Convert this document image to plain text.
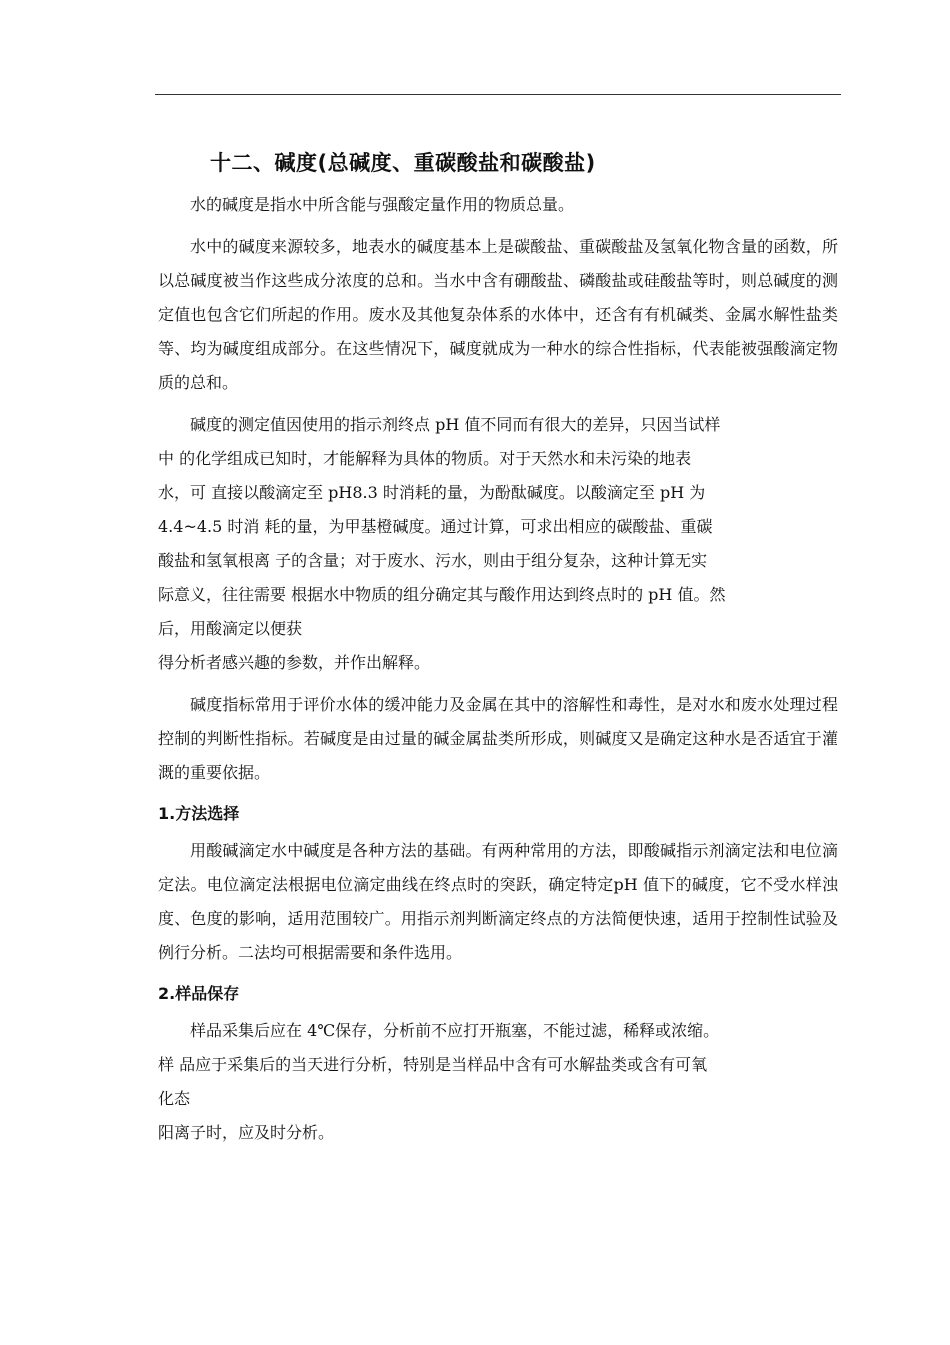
十二、碱度(总碱度、重碳酸盐和碳酸盐)

水的碱度是指水中所含能与强酸定量作用的物质总量。

水中的碱度来源较多，地表水的碱度基本上是碳酸盐、重碳酸盐及氢氧化物含量的函数，所以总碱度被当作这些成分浓度的总和。当水中含有硼酸盐、磷酸盐或硅酸盐等时，则总碱度的测定值也包含它们所起的作用。废水及其他复杂体系的水体中，还含有有机碱类、金属水解性盐类等、均为碱度组成部分。在这些情况下，碱度就成为一种水的综合性指标，代表能被强酸滴定物质的总和。

碱度的测定值因使用的指示剂终点 pH 值不同而有很大的差异，只因当试样
中 的化学组成已知时，才能解释为具体的物质。对于天然水和未污染的地表
水，可 直接以酸滴定至 pH8.3 时消耗的量，为酚酞碱度。以酸滴定至 pH 为
4.4~4.5 时消 耗的量，为甲基橙碱度。通过计算，可求出相应的碳酸盐、重碳
酸盐和氢氧根离 子的含量；对于废水、污水，则由于组分复杂，这种计算无实
际意义，往往需要 根据水中物质的组分确定其与酸作用达到终点时的 pH 值。然
后，用酸滴定以便获
得分析者感兴趣的参数，并作出解释。

碱度指标常用于评价水体的缓冲能力及金属在其中的溶解性和毒性，是对水和废水处理过程控制的判断性指标。若碱度是由过量的碱金属盐类所形成，则碱度又是确定这种水是否适宜于灌溉的重要依据。

1.方法选择

用酸碱滴定水中碱度是各种方法的基础。有两种常用的方法，即酸碱指示剂滴定法和电位滴定法。电位滴定法根据电位滴定曲线在终点时的突跃，确定特定pH 值下的碱度，它不受水样浊度、色度的影响，适用范围较广。用指示剂判断滴定终点的方法简便快速，适用于控制性试验及例行分析。二法均可根据需要和条件选用。

2.样品保存
样品采集后应在 4℃保存，分析前不应打开瓶塞，不能过滤，稀释或浓缩。
样 品应于采集后的当天进行分析，特别是当样品中含有可水解盐类或含有可氧
化态
阳离子时，应及时分析。
